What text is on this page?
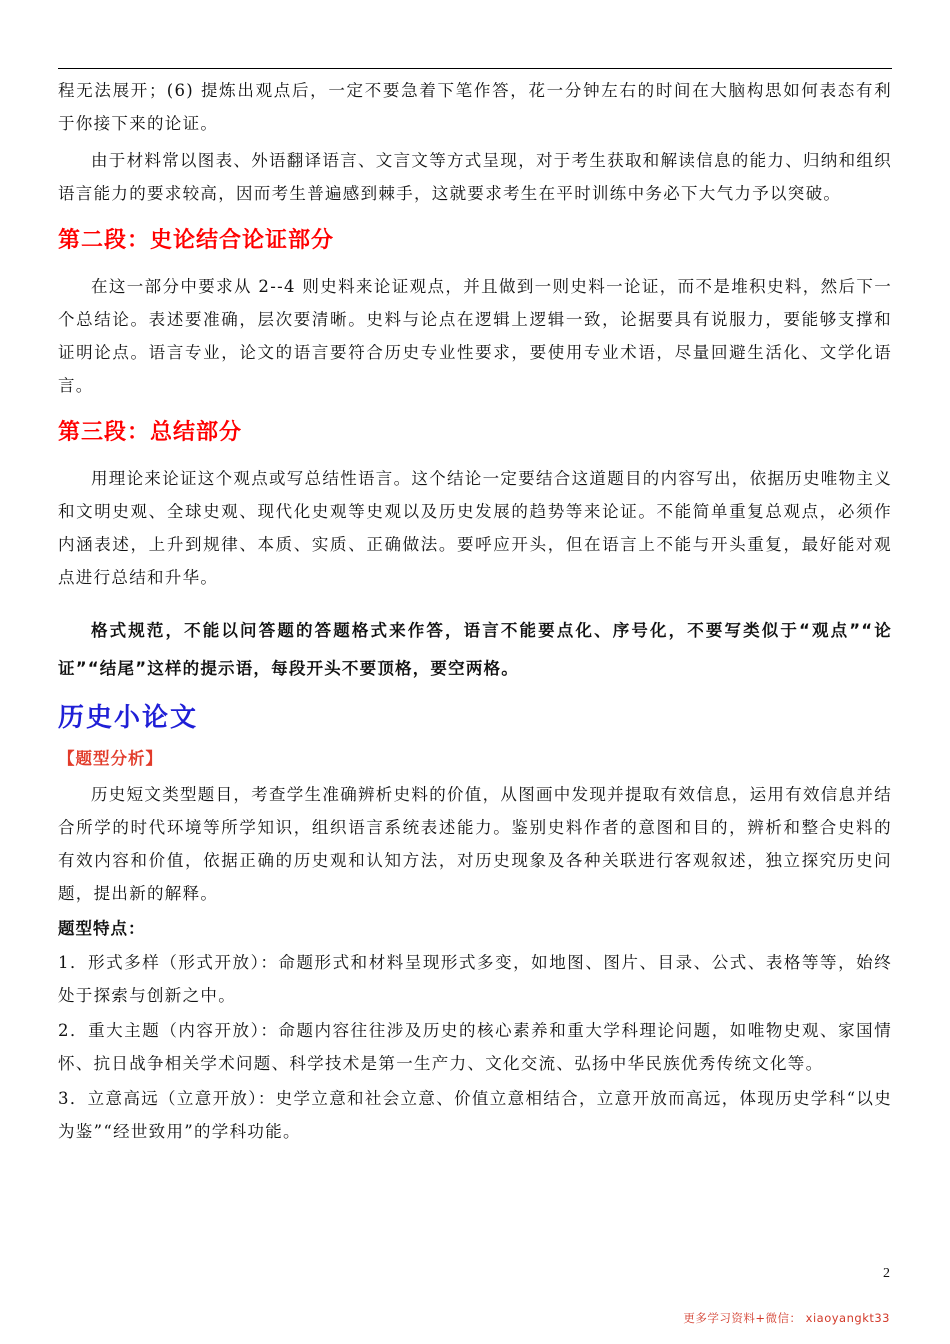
程无法展开；(6) 提炼出观点后，一定不要急着下笔作答，花一分钟左右的时间在大脑构思如何表态有利于你接下来的论证。

由于材料常以图表、外语翻译语言、文言文等方式呈现，对于考生获取和解读信息的能力、归纳和组织语言能力的要求较高，因而考生普遍感到棘手，这就要求考生在平时训练中务必下大气力予以突破。

第二段：史论结合论证部分

在这一部分中要求从 2--4 则史料来论证观点，并且做到一则史料一论证，而不是堆积史料，然后下一个总结论。表述要准确，层次要清晰。史料与论点在逻辑上逻辑一致，论据要具有说服力，要能够支撑和证明论点。语言专业，论文的语言要符合历史专业性要求，要使用专业术语，尽量回避生活化、文学化语言。

第三段：总结部分

用理论来论证这个观点或写总结性语言。这个结论一定要结合这道题目的内容写出，依据历史唯物主义和文明史观、全球史观、现代化史观等史观以及历史发展的趋势等来论证。不能简单重复总观点，必须作内涵表述，上升到规律、本质、实质、正确做法。要呼应开头，但在语言上不能与开头重复，最好能对观点进行总结和升华。

格式规范，不能以问答题的答题格式来作答，语言不能要点化、序号化，不要写类似于“观点”“论证”“结尾”这样的提示语，每段开头不要顶格，要空两格。

历史小论文
【题型分析】

历史短文类型题目，考查学生准确辨析史料的价值，从图画中发现并提取有效信息，运用有效信息并结合所学的时代环境等所学知识，组织语言系统表述能力。鉴别史料作者的意图和目的，辨析和整合史料的有效内容和价值，依据正确的历史观和认知方法，对历史现象及各种关联进行客观叙述，独立探究历史问题，提出新的解释。

题型特点：

1．形式多样（形式开放）：命题形式和材料呈现形式多变，如地图、图片、目录、公式、表格等等，始终处于探索与创新之中。

2．重大主题（内容开放）：命题内容往往涉及历史的核心素养和重大学科理论问题，如唯物史观、家国情怀、抗日战争相关学术问题、科学技术是第一生产力、文化交流、弘扬中华民族优秀传统文化等。

3．立意高远（立意开放）：史学立意和社会立意、价值立意相结合，立意开放而高远，体现历史学科“以史为鉴”“经世致用”的学科功能。

2
更多学习资料+微信： xiaoyangkt33
